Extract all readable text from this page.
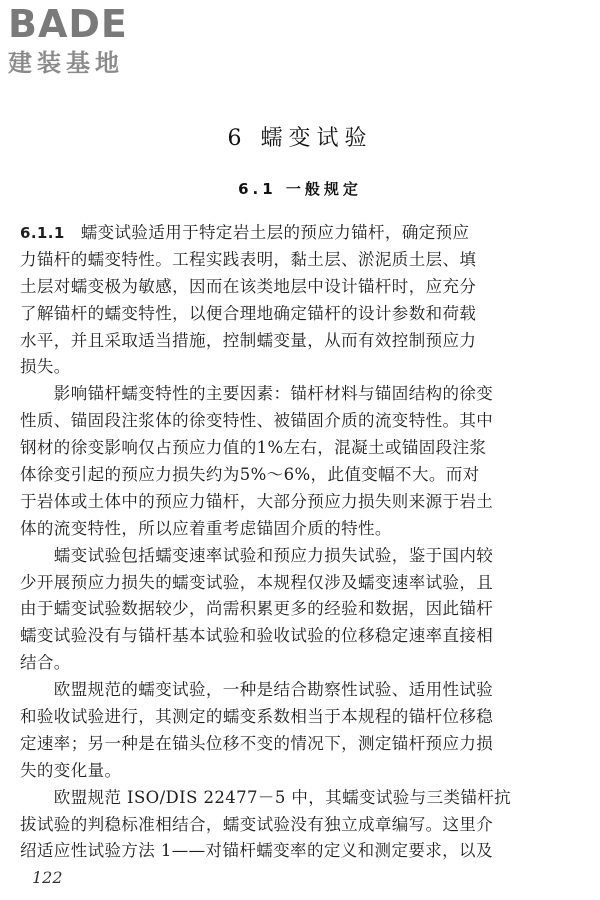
BADE
建装基地
6 蠕变试验
6.1 一般规定
6.1.1 蠕变试验适用于特定岩土层的预应力锚杆，确定预应
力锚杆的蠕变特性。工程实践表明，黏土层、淤泥质土层、填
土层对蠕变极为敏感，因而在该类地层中设计锚杆时，应充分
了解锚杆的蠕变特性，以便合理地确定锚杆的设计参数和荷载
水平，并且采取适当措施，控制蠕变量，从而有效控制预应力
损失。
　　影响锚杆蠕变特性的主要因素：锚杆材料与锚固结构的徐变
性质、锚固段注浆体的徐变特性、被锚固介质的流变特性。其中
钢材的徐变影响仅占预应力值的1%左右，混凝土或锚固段注浆
体徐变引起的预应力损失约为5%～6%，此值变幅不大。而对
于岩体或土体中的预应力锚杆，大部分预应力损失则来源于岩土
体的流变特性，所以应着重考虑锚固介质的特性。
　　蠕变试验包括蠕变速率试验和预应力损失试验，鉴于国内较
少开展预应力损失的蠕变试验，本规程仅涉及蠕变速率试验，且
由于蠕变试验数据较少，尚需积累更多的经验和数据，因此锚杆
蠕变试验没有与锚杆基本试验和验收试验的位移稳定速率直接相
结合。
　　欧盟规范的蠕变试验，一种是结合勘察性试验、适用性试验
和验收试验进行，其测定的蠕变系数相当于本规程的锚杆位移稳
定速率；另一种是在锚头位移不变的情况下，测定锚杆预应力损
失的变化量。
　　欧盟规范 ISO/DIS 22477－5 中，其蠕变试验与三类锚杆抗
拔试验的判稳标准相结合，蠕变试验没有独立成章编写。这里介
绍适应性试验方法 1——对锚杆蠕变率的定义和测定要求，以及
122
